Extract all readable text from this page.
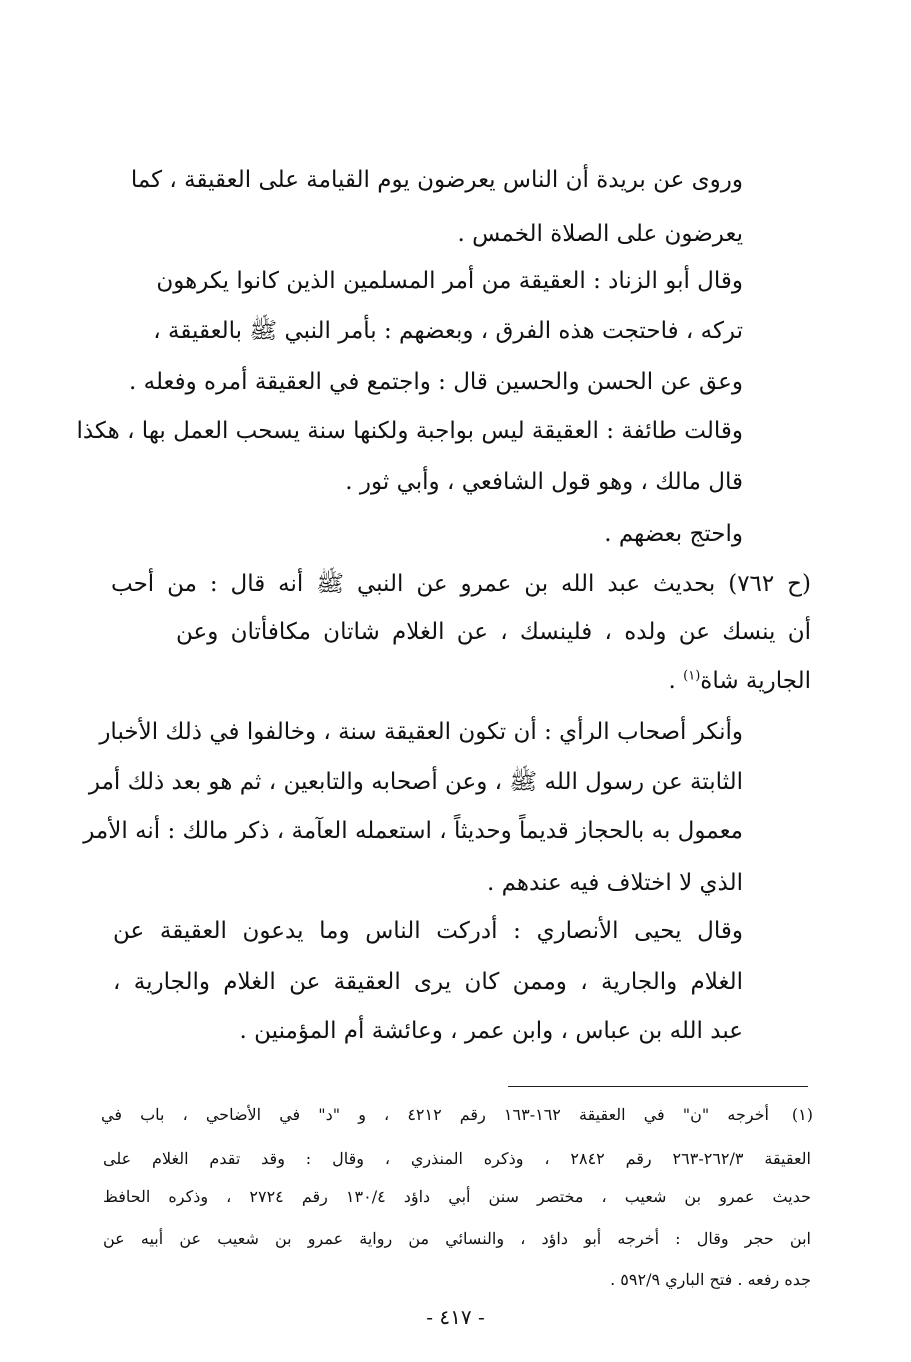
وروى عن بريدة أن الناس يعرضون يوم القيامة على العقيقة ، كما
يعرضون على الصلاة الخمس .
وقال أبو الزناد : العقيقة من أمر المسلمين الذين كانوا يكرهون
تركه ، فاحتجت هذه الفرق ، وبعضهم : بأمر النبي ﷺ بالعقيقة ،
وعق عن الحسن والحسين قال : واجتمع في العقيقة أمره وفعله .
وقالت طائفة : العقيقة ليس بواجبة ولكنها سنة يسحب العمل بها ، هكذا
قال مالك ، وهو قول الشافعي ، وأبي ثور .
واحتج بعضهم .
(ح ٧٦٢) بحديث عبد الله بن عمرو عن النبي ﷺ أنه قال : من أحب
أن ينسك عن ولده ، فلينسك ، عن الغلام شاتان مكافأتان وعن
الجارية شاة$^{(١)}$ .
وأنكر أصحاب الرأي : أن تكون العقيقة سنة ، وخالفوا في ذلك الأخبار
الثابتة عن رسول الله ﷺ ، وعن أصحابه والتابعين ، ثم هو بعد ذلك أمر
معمول به بالحجاز قديماً وحديثاً ، استعمله العآمة ، ذكر مالك : أنه الأمر
الذي لا اختلاف فيه عندهم .
وقال يحيى الأنصاري : أدركت الناس وما يدعون العقيقة عن
الغلام والجارية ، وممن كان يرى العقيقة عن الغلام والجارية ،
عبد الله بن عباس ، وابن عمر ، وعائشة أم المؤمنين .
(١)
أخرجه "ن" في العقيقة ١٦٢-١٦٣ رقم ٤٢١٢ ، و "د" في الأضاحي ، باب في
العقيقة ٢٦٢/٣-٢٦٣ رقم ٢٨٤٢ ، وذكره المنذري ، وقال : وقد تقدم الغلام على
حديث عمرو بن شعيب ، مختصر سنن أبي داؤد ١٣٠/٤ رقم ٢٧٢٤ ، وذكره الحافظ
ابن حجر وقال : أخرجه أبو داؤد ، والنسائي من رواية عمرو بن شعيب عن أبيه عن
جده رفعه . فتح الباري ٥٩٢/٩ .
- ٤١٧ -
